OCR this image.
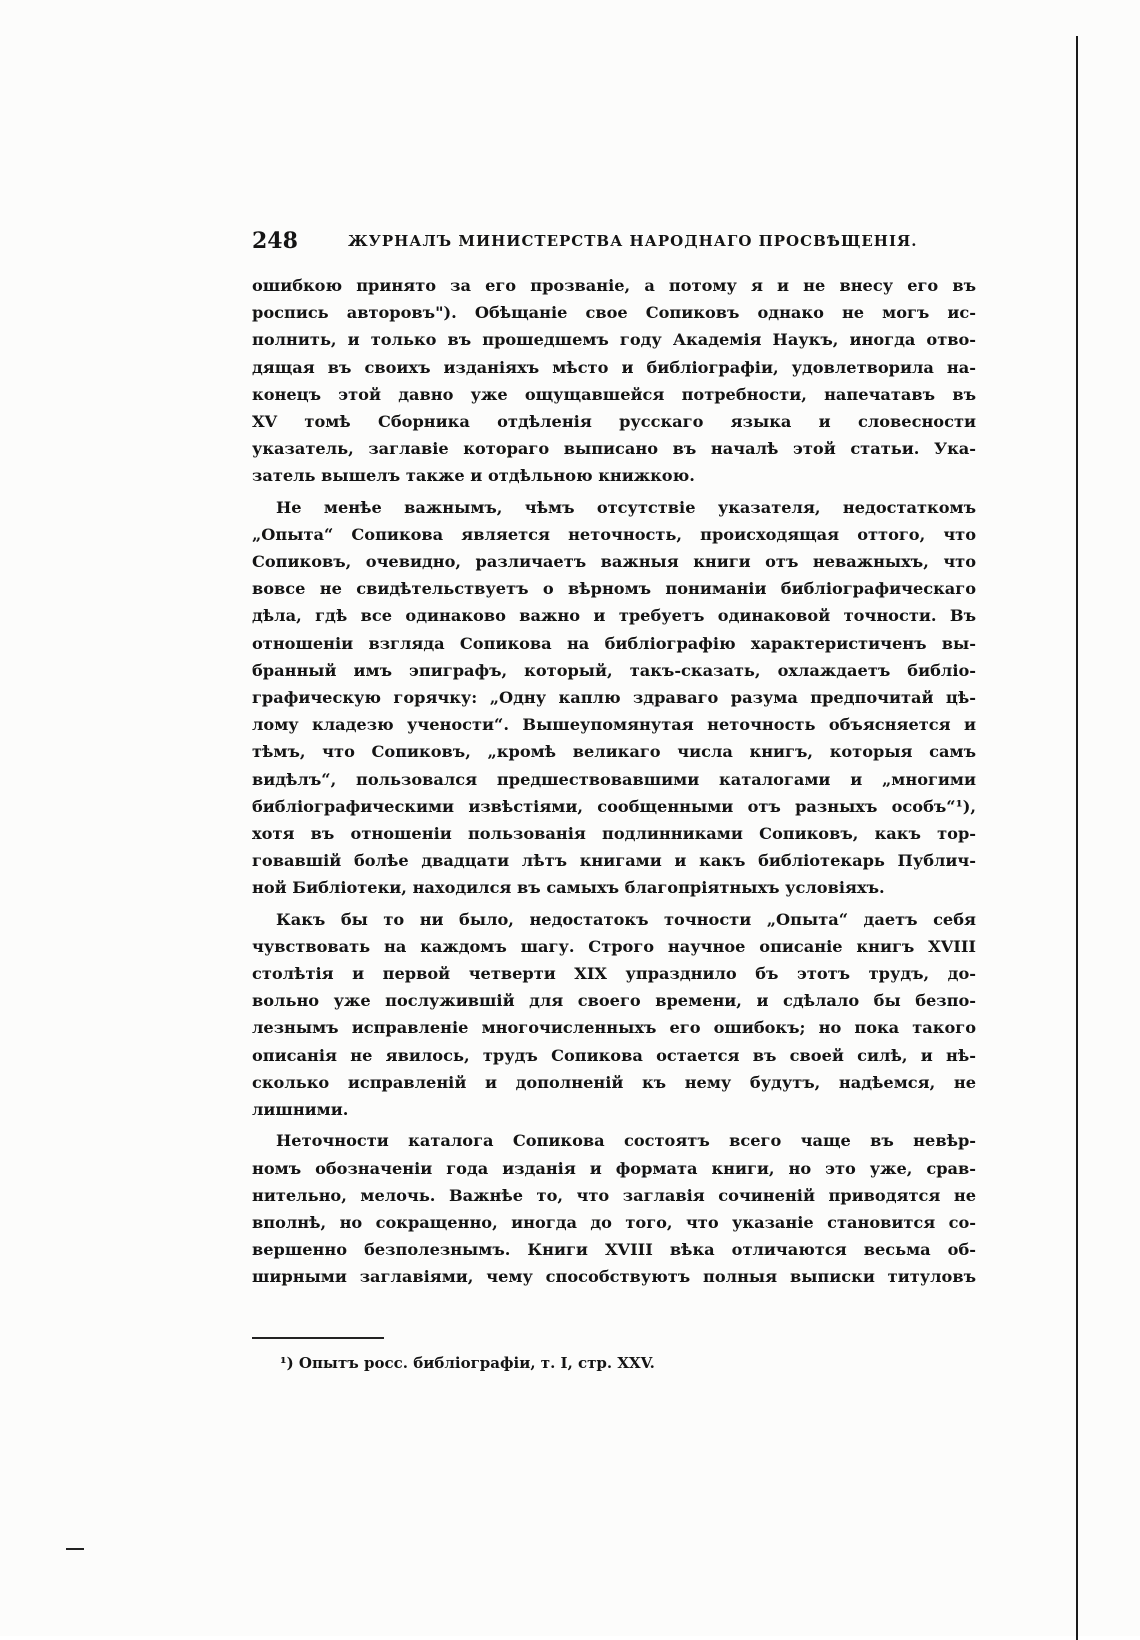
248	ЖУРНАЛЪ МИНИСТЕРСТВА НАРОДНАГО ПРОСВѢЩЕНІЯ.

ошибкою принято за его прозваніе, а потому я и не внесу его въ

роспись авторовъ"). Обѣщаніе свое Сопиковъ однако не могъ ис-

полнить, и только въ прошедшемъ году Академія Наукъ, иногда отво-

дящая въ своихъ изданіяхъ мѣсто и библіографіи, удовлетворила на-

конецъ этой давно уже ощущавшейся потребности, напечатавъ въ

XV томѣ Сборника отдѣленія русскаго языка и словесности

указатель, заглавіе котораго выписано въ началѣ этой статьи. Ука-

затель вышелъ также и отдѣльною книжкою.

Не менѣе важнымъ, чѣмъ отсутствіе указателя, недостаткомъ

„Опыта“ Сопикова является неточность, происходящая оттого, что

Сопиковъ, очевидно, различаетъ важныя книги отъ неважныхъ, что

вовсе не свидѣтельствуетъ о вѣрномъ пониманіи библіографическаго

дѣла, гдѣ все одинаково важно и требуетъ одинаковой точности. Въ

отношеніи взгляда Сопикова на библіографію характеристиченъ вы-

бранный имъ эпиграфъ, который, такъ-сказать, охлаждаетъ библіо-

графическую горячку: „Одну каплю здраваго разума предпочитай цѣ-

лому кладезю учености“. Вышеупомянутая неточность объясняется и

тѣмъ, что Сопиковъ, „кромѣ великаго числа книгъ, которыя самъ

видѣлъ“, пользовался предшествовавшими каталогами и „многими

библіографическими извѣстіями, сообщенными отъ разныхъ особъ“¹),

хотя въ отношеніи пользованія подлинниками Сопиковъ, какъ тор-

говавшій болѣе двадцати лѣтъ книгами и какъ библіотекарь Публич-

ной Библіотеки, находился въ самыхъ благопріятныхъ условіяхъ.

Какъ бы то ни было, недостатокъ точности „Опыта“ даетъ себя

чувствовать на каждомъ шагу. Строго научное описаніе книгъ XVIII

столѣтія и первой четверти XIX упразднило бъ этотъ трудъ, до-

вольно уже послужившій для своего времени, и сдѣлало бы безпо-

лезнымъ исправленіе многочисленныхъ его ошибокъ; но пока такого

описанія не явилось, трудъ Сопикова остается въ своей силѣ, и нѣ-

сколько исправленій и дополненій къ нему будутъ, надѣемся, не

лишними.

Неточности каталога Сопикова состоятъ всего чаще въ невѣр-

номъ обозначеніи года изданія и формата книги, но это уже, срав-

нительно, мелочь. Важнѣе то, что заглавія сочиненій приводятся не

вполнѣ, но сокращенно, иногда до того, что указаніе становится со-

вершенно безполезнымъ. Книги XVIII вѣка отличаются весьма об-

ширными заглавіями, чему способствуютъ полныя выписки титуловъ

¹) Опытъ росс. библіографіи, т. I, стр. XXV.
